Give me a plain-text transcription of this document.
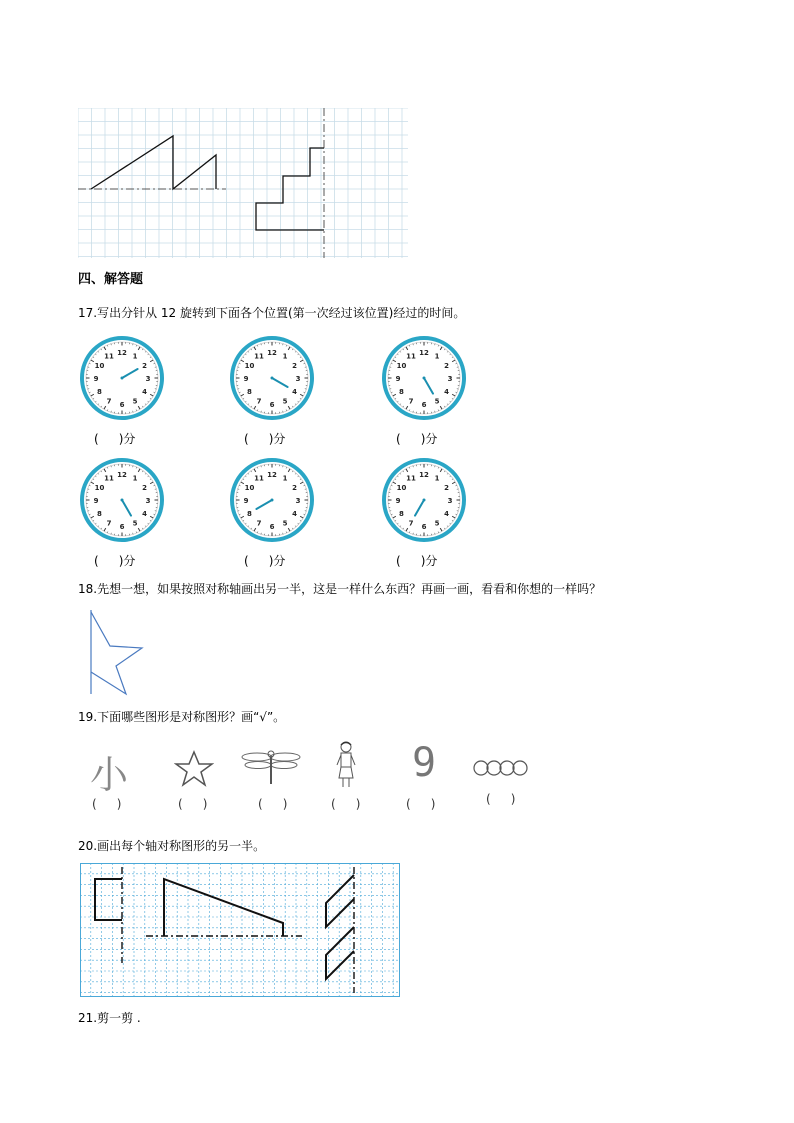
四、解答题
17.写出分针从 12 旋转到下面各个位置(第一次经过该位置)经过的时间。
12 1
2
3
4
5
6
7
8
9
10
11
( )分
12 1
2
3
4
5
6
7
8
9
10
11
( )分
12 1
2
3
4
5
6
7
8
9
10
11
( )分
12 1
2
3
4
5
6
7
8
9
10
11
( )分
12 1
2
3
4
5
6
7
8
9
10
11
( )分
12 1
2
3
4
5
6
7
8
9
10
11
( )分
18.先想一想，如果按照对称轴画出另一半，这是一样什么东西？再画一画，看看和你想的一样吗？
19.下面哪些图形是对称图形？画“√”。
小	9
( )	( )	( )	( )	( )	( )
20.画出每个轴对称图形的另一半。
21.剪一剪 .
